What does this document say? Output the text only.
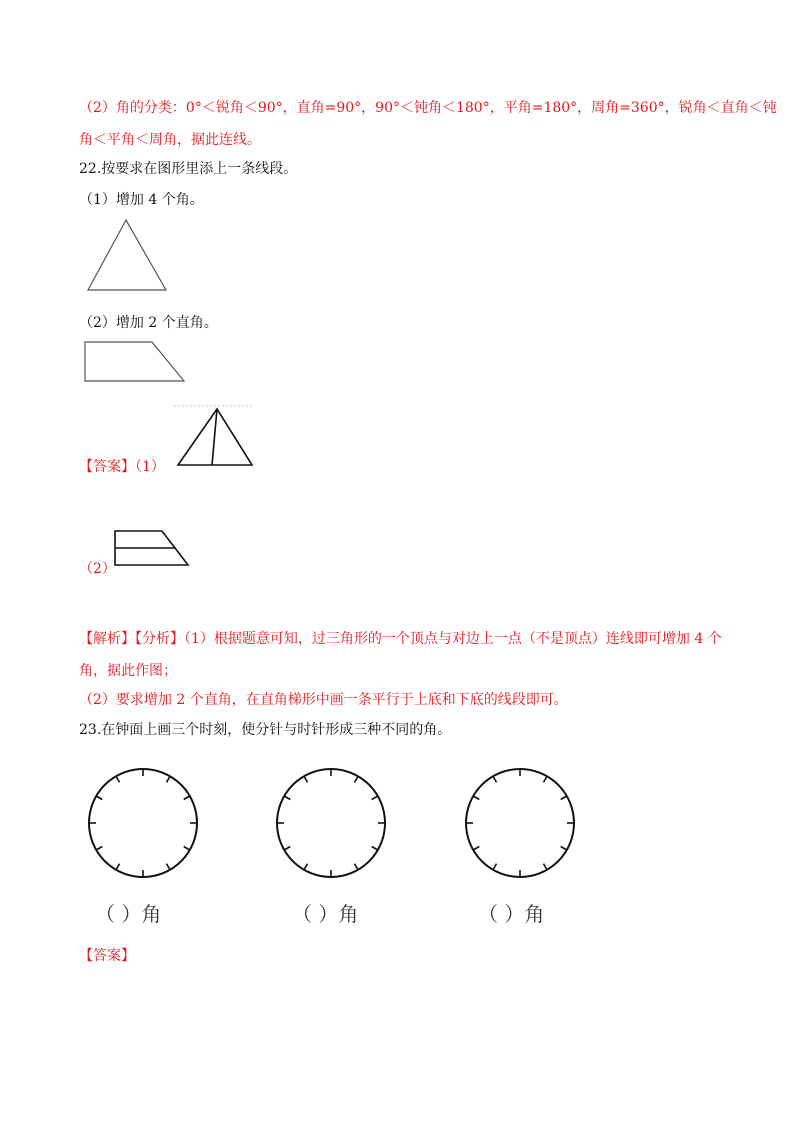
（2）角的分类：0°＜锐角＜90°，直角=90°，90°＜钝角＜180°，平角=180°，周角=360°，锐角＜直角＜钝
角＜平角＜周角，据此连线。
22.按要求在图形里添上一条线段。
（1）增加 4 个角。
（2）增加 2 个直角。
【答案】（1）
（2）
【解析】【分析】（1）根据题意可知，过三角形的一个顶点与对边上一点（不是顶点）连线即可增加 4 个
角，据此作图；
（2）要求增加 2 个直角，在直角梯形中画一条平行于上底和下底的线段即可。
23.在钟面上画三个时刻，使分针与时针形成三种不同的角。
（ ）角	（ ）角	（ ）角
【答案】
